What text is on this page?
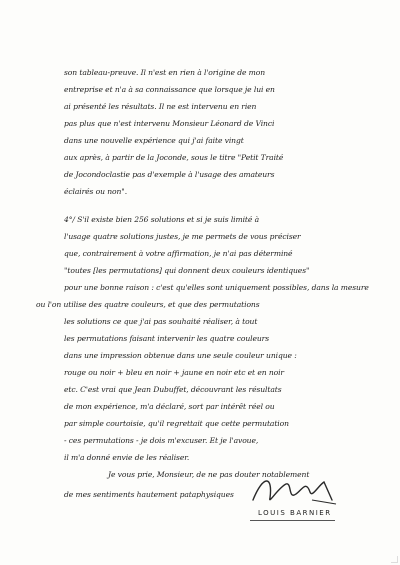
son tableau-preuve. Il n'est en rien à l'origine de mon
entreprise et n'a à sa connaissance que lorsque je lui en
ai présenté les résultats. Il ne est intervenu en rien
pas plus que n'est intervenu Monsieur Léonard de Vinci
dans une nouvelle expérience qui j'ai faite vingt
aux après, à partir de la Joconde, sous le titre "Petit Traité
de Jocondoclastie pas d'exemple à l'usage des amateurs
éclairés ou non".
4°/ S'il existe bien 256 solutions et si je suis limité à
l'usage quatre solutions justes, je me permets de vous préciser
que, contrairement à votre affirmation, je n'ai pas déterminé
"toutes [les permutations] qui donnent deux couleurs identiques"
pour une bonne raison : c'est qu'elles sont uniquement possibles, dans la mesure
ou l'on utilise des quatre couleurs, et que des permutations
les solutions ce que j'ai pas souhaité réaliser, à tout
les permutations faisant intervenir les quatre couleurs
dans une impression obtenue dans une seule couleur unique :
rouge ou noir + bleu en noir + jaune en noir etc et en noir
etc. C'est vrai que Jean Dubuffet, découvrant les résultats
de mon expérience, m'a déclaré, sort par intérêt réel ou
par simple courtoisie, qu'il regrettait que cette permutation
- ces permutations - je dois m'excuser. Et je l'avoue,
il m'a donné envie de les réaliser.
Je vous prie, Monsieur, de ne pas douter notablement
de mes sentiments hautement pataphysiques
LOUIS BARNIER
